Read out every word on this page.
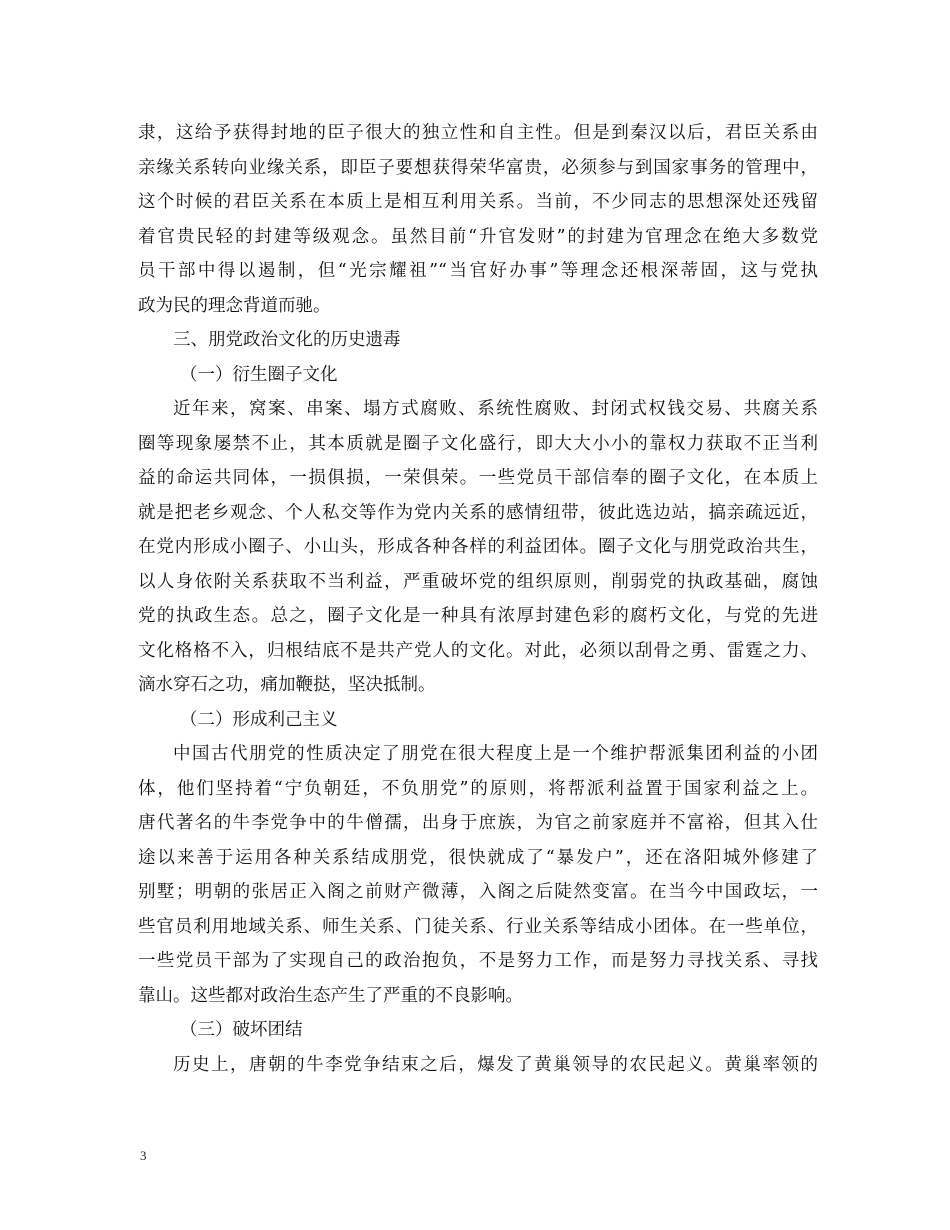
隶，这给予获得封地的臣子很大的独立性和自主性。但是到秦汉以后，君臣关系由
亲缘关系转向业缘关系，即臣子要想获得荣华富贵，必须参与到国家事务的管理中，
这个时候的君臣关系在本质上是相互利用关系。当前，不少同志的思想深处还残留
着官贵民轻的封建等级观念。虽然目前“升官发财”的封建为官理念在绝大多数党
员干部中得以遏制，但“光宗耀祖”“当官好办事”等理念还根深蒂固，这与党执
政为民的理念背道而驰。
三、朋党政治文化的历史遗毒
（一）衍生圈子文化
近年来，窝案、串案、塌方式腐败、系统性腐败、封闭式权钱交易、共腐关系
圈等现象屡禁不止，其本质就是圈子文化盛行，即大大小小的靠权力获取不正当利
益的命运共同体，一损俱损，一荣俱荣。一些党员干部信奉的圈子文化，在本质上
就是把老乡观念、个人私交等作为党内关系的感情纽带，彼此选边站，搞亲疏远近，
在党内形成小圈子、小山头，形成各种各样的利益团体。圈子文化与朋党政治共生，
以人身依附关系获取不当利益，严重破坏党的组织原则，削弱党的执政基础，腐蚀
党的执政生态。总之，圈子文化是一种具有浓厚封建色彩的腐朽文化，与党的先进
文化格格不入，归根结底不是共产党人的文化。对此，必须以刮骨之勇、雷霆之力、
滴水穿石之功，痛加鞭挞，坚决抵制。
（二）形成利己主义
中国古代朋党的性质决定了朋党在很大程度上是一个维护帮派集团利益的小团
体，他们坚持着“宁负朝廷，不负朋党”的原则，将帮派利益置于国家利益之上。
唐代著名的牛李党争中的牛僧孺，出身于庶族，为官之前家庭并不富裕，但其入仕
途以来善于运用各种关系结成朋党，很快就成了“暴发户”，还在洛阳城外修建了
别墅；明朝的张居正入阁之前财产微薄，入阁之后陡然变富。在当今中国政坛，一
些官员利用地域关系、师生关系、门徒关系、行业关系等结成小团体。在一些单位，
一些党员干部为了实现自己的政治抱负，不是努力工作，而是努力寻找关系、寻找
靠山。这些都对政治生态产生了严重的不良影响。
（三）破坏团结
历史上，唐朝的牛李党争结束之后，爆发了黄巢领导的农民起义。黄巢率领的
3
